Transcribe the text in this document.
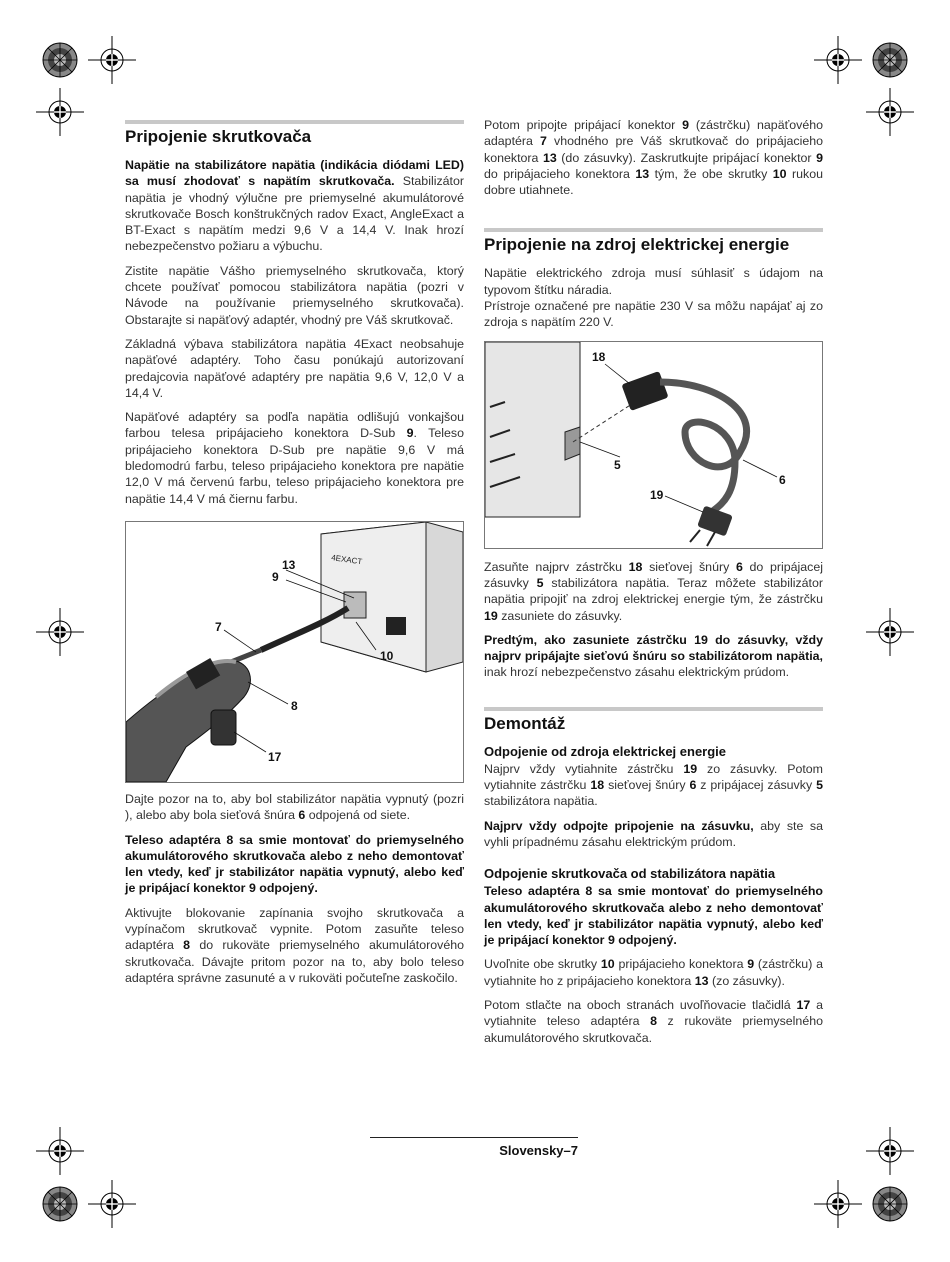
Pripojenie skrutkovača

Napätie na stabilizátore napätia (indikácia diódami LED) sa musí zhodovať s napätím skrutkovača. Stabilizátor napätia je vhodný výlučne pre priemyselné akumulátorové skrutkovače Bosch konštrukčných radov Exact, AngleExact a BT-Exact s napätím medzi 9,6 V a 14,4 V. Inak hrozí nebezpečenstvo požiaru a výbuchu.

Zistite napätie Vášho priemyselného skrutkovača, ktorý chcete používať pomocou stabilizátora napätia (pozri v Návode na používanie priemyselného skrutkovača). Obstarajte si napäťový adaptér, vhodný pre Váš skrutkovač.

Základná výbava stabilizátora napätia 4Exact neobsahuje napäťové adaptéry. Toho času ponúkajú autorizovaní predajcovia napäťové adaptéry pre napätia 9,6 V, 12,0 V a 14,4 V.

Napäťové adaptéry sa podľa napätia odlišujú vonkajšou farbou telesa pripájacieho konektora D-Sub 9. Teleso pripájacieho konektora D-Sub pre napätie 9,6 V má bledomodrú farbu, teleso pripájacieho konektora pre napätie 12,0 V má červenú farbu, teleso pripájacieho konektora pre napätie 14,4 V má čiernu farbu.

4EXACT
13
9
7
10
8
17

Dajte pozor na to, aby bol stabilizátor napätia vypnutý (pozri ), alebo aby bola sieťová šnúra 6 odpojená od siete.

Teleso adaptéra 8 sa smie montovať do priemyselného akumulátorového skrutkovača alebo z neho demontovať len vtedy, keď jr stabilizátor napätia vypnutý, alebo keď je pripájací konektor 9 odpojený.

Aktivujte blokovanie zapínania svojho skrutkovača a vypínačom skrutkovač vypnite. Potom zasuňte teleso adaptéra 8 do rukoväte priemyselného akumulátorového skrutkovača. Dávajte pritom pozor na to, aby bolo teleso adaptéra správne zasunuté a v rukoväti počuteľne zaskočilo.

Potom pripojte pripájací konektor 9 (zástrčku) napäťového adaptéra 7 vhodného pre Váš skrutkovač do pripájacieho konektora 13 (do zásuvky). Zaskrutkujte pripájací konektor 9 do pripájacieho konektora 13 tým, že obe skrutky 10 rukou dobre utiahnete.

Pripojenie na zdroj elektrickej energie

Napätie elektrického zdroja musí súhlasiť s údajom na typovom štítku náradia.

Prístroje označené pre napätie 230 V sa môžu napájať aj zo zdroja s napätím 220 V.

18
5
6
19

Zasuňte najprv zástrčku 18 sieťovej šnúry 6 do pripájacej zásuvky 5 stabilizátora napätia. Teraz môžete stabilizátor napätia pripojiť na zdroj elektrickej energie tým, že zástrčku 19 zasuniete do zásuvky.

Predtým, ako zasuniete zástrčku 19 do zásuvky, vždy najprv pripájajte sieťovú šnúru so stabilizátorom napätia, inak hrozí nebezpečenstvo zásahu elektrickým prúdom.

Demontáž
Odpojenie od zdroja elektrickej energie

Najprv vždy vytiahnite zástrčku 19 zo zásuvky. Potom vytiahnite zástrčku 18 sieťovej šnúry 6 z pripájacej zásuvky 5 stabilizátora napätia.

Najprv vždy odpojte pripojenie na zásuvku, aby ste sa vyhli prípadnému zásahu elektrickým prúdom.

Odpojenie skrutkovača od stabilizátora napätia

Teleso adaptéra 8 sa smie montovať do priemyselného akumulátorového skrutkovača alebo z neho demontovať len vtedy, keď jr stabilizátor napätia vypnutý, alebo keď je pripájací konektor 9 odpojený.

Uvoľnite obe skrutky 10 pripájacieho konektora 9 (zástrčku) a vytiahnite ho z pripájacieho konektora 13 (zo zásuvky).

Potom stlačte na oboch stranách uvoľňovacie tlačidlá 17 a vytiahnite teleso adaptéra 8 z rukoväte priemyselného akumulátorového skrutkovača.

Slovensky–7
